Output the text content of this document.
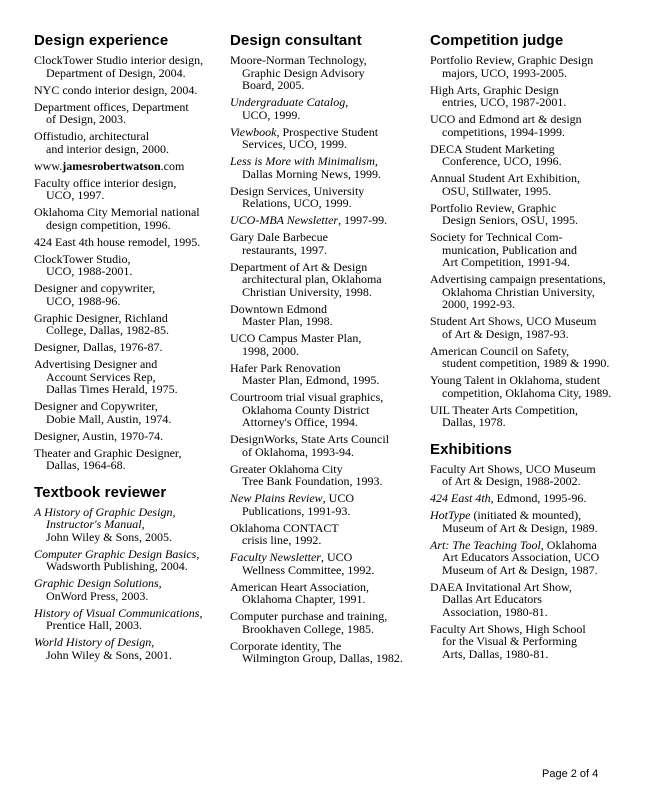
Design experience
ClockTower Studio interior design,
Department of Design, 2004.
NYC condo interior design, 2004.
Department offices, Department
of Design, 2003.
Offistudio, architectural
and interior design, 2000.
www.jamesrobertwatson.com
Faculty office interior design,
UCO, 1997.
Oklahoma City Memorial national
design competition, 1996.
424 East 4th house remodel, 1995.
ClockTower Studio,
UCO, 1988-2001.
Designer and copywriter,
UCO, 1988-96.
Graphic Designer, Richland
College, Dallas, 1982-85.
Designer, Dallas, 1976-87.
Advertising Designer and
Account Services Rep,
Dallas Times Herald, 1975.
Designer and Copywriter,
Dobie Mall, Austin, 1974.
Designer, Austin, 1970-74.
Theater and Graphic Designer,
Dallas, 1964-68.
Textbook reviewer
A History of Graphic Design,
Instructor's Manual,
John Wiley & Sons, 2005.
Computer Graphic Design Basics,
Wadsworth Publishing, 2004.
Graphic Design Solutions,
OnWord Press, 2003.
History of Visual Communications,
Prentice Hall, 2003.
World History of Design,
John Wiley & Sons, 2001.
Design consultant
Moore-Norman Technology,
Graphic Design Advisory
Board, 2005.
Undergraduate Catalog,
UCO, 1999.
Viewbook, Prospective Student
Services, UCO, 1999.
Less is More with Minimalism,
Dallas Morning News, 1999.
Design Services, University
Relations, UCO, 1999.
UCO-MBA Newsletter, 1997-99.
Gary Dale Barbecue
restaurants, 1997.
Department of Art & Design
architectural plan, Oklahoma
Christian University, 1998.
Downtown Edmond
Master Plan, 1998.
UCO Campus Master Plan,
1998, 2000.
Hafer Park Renovation
Master Plan, Edmond, 1995.
Courtroom trial visual graphics,
Oklahoma County District
Attorney's Office, 1994.
DesignWorks, State Arts Council
of Oklahoma, 1993-94.
Greater Oklahoma City
Tree Bank Foundation, 1993.
New Plains Review, UCO
Publications, 1991-93.
Oklahoma CONTACT
crisis line, 1992.
Faculty Newsletter, UCO
Wellness Committee, 1992.
American Heart Association,
Oklahoma Chapter, 1991.
Computer purchase and training,
Brookhaven College, 1985.
Corporate identity, The
Wilmington Group, Dallas, 1982.
Competition judge
Portfolio Review, Graphic Design
majors, UCO, 1993-2005.
High Arts, Graphic Design
entries, UCO, 1987-2001.
UCO and Edmond art & design
competitions, 1994-1999.
DECA Student Marketing
Conference, UCO, 1996.
Annual Student Art Exhibition,
OSU, Stillwater, 1995.
Portfolio Review, Graphic
Design Seniors, OSU, 1995.
Society for Technical Com-
munication, Publication and
Art Competition, 1991-94.
Advertising campaign presentations,
Oklahoma Christian University,
2000, 1992-93.
Student Art Shows, UCO Museum
of Art & Design, 1987-93.
American Council on Safety,
student competition, 1989 & 1990.
Young Talent in Oklahoma, student
competition, Oklahoma City, 1989.
UIL Theater Arts Competition,
Dallas, 1978.
Exhibitions
Faculty Art Shows, UCO Museum
of Art & Design, 1988-2002.
424 East 4th, Edmond, 1995-96.
HotType (initiated & mounted),
Museum of Art & Design, 1989.
Art: The Teaching Tool, Oklahoma
Art Educators Association, UCO
Museum of Art & Design, 1987.
DAEA Invitational Art Show,
Dallas Art Educators
Association, 1980-81.
Faculty Art Shows, High School
for the Visual & Performing
Arts, Dallas, 1980-81.
Page 2 of 4
